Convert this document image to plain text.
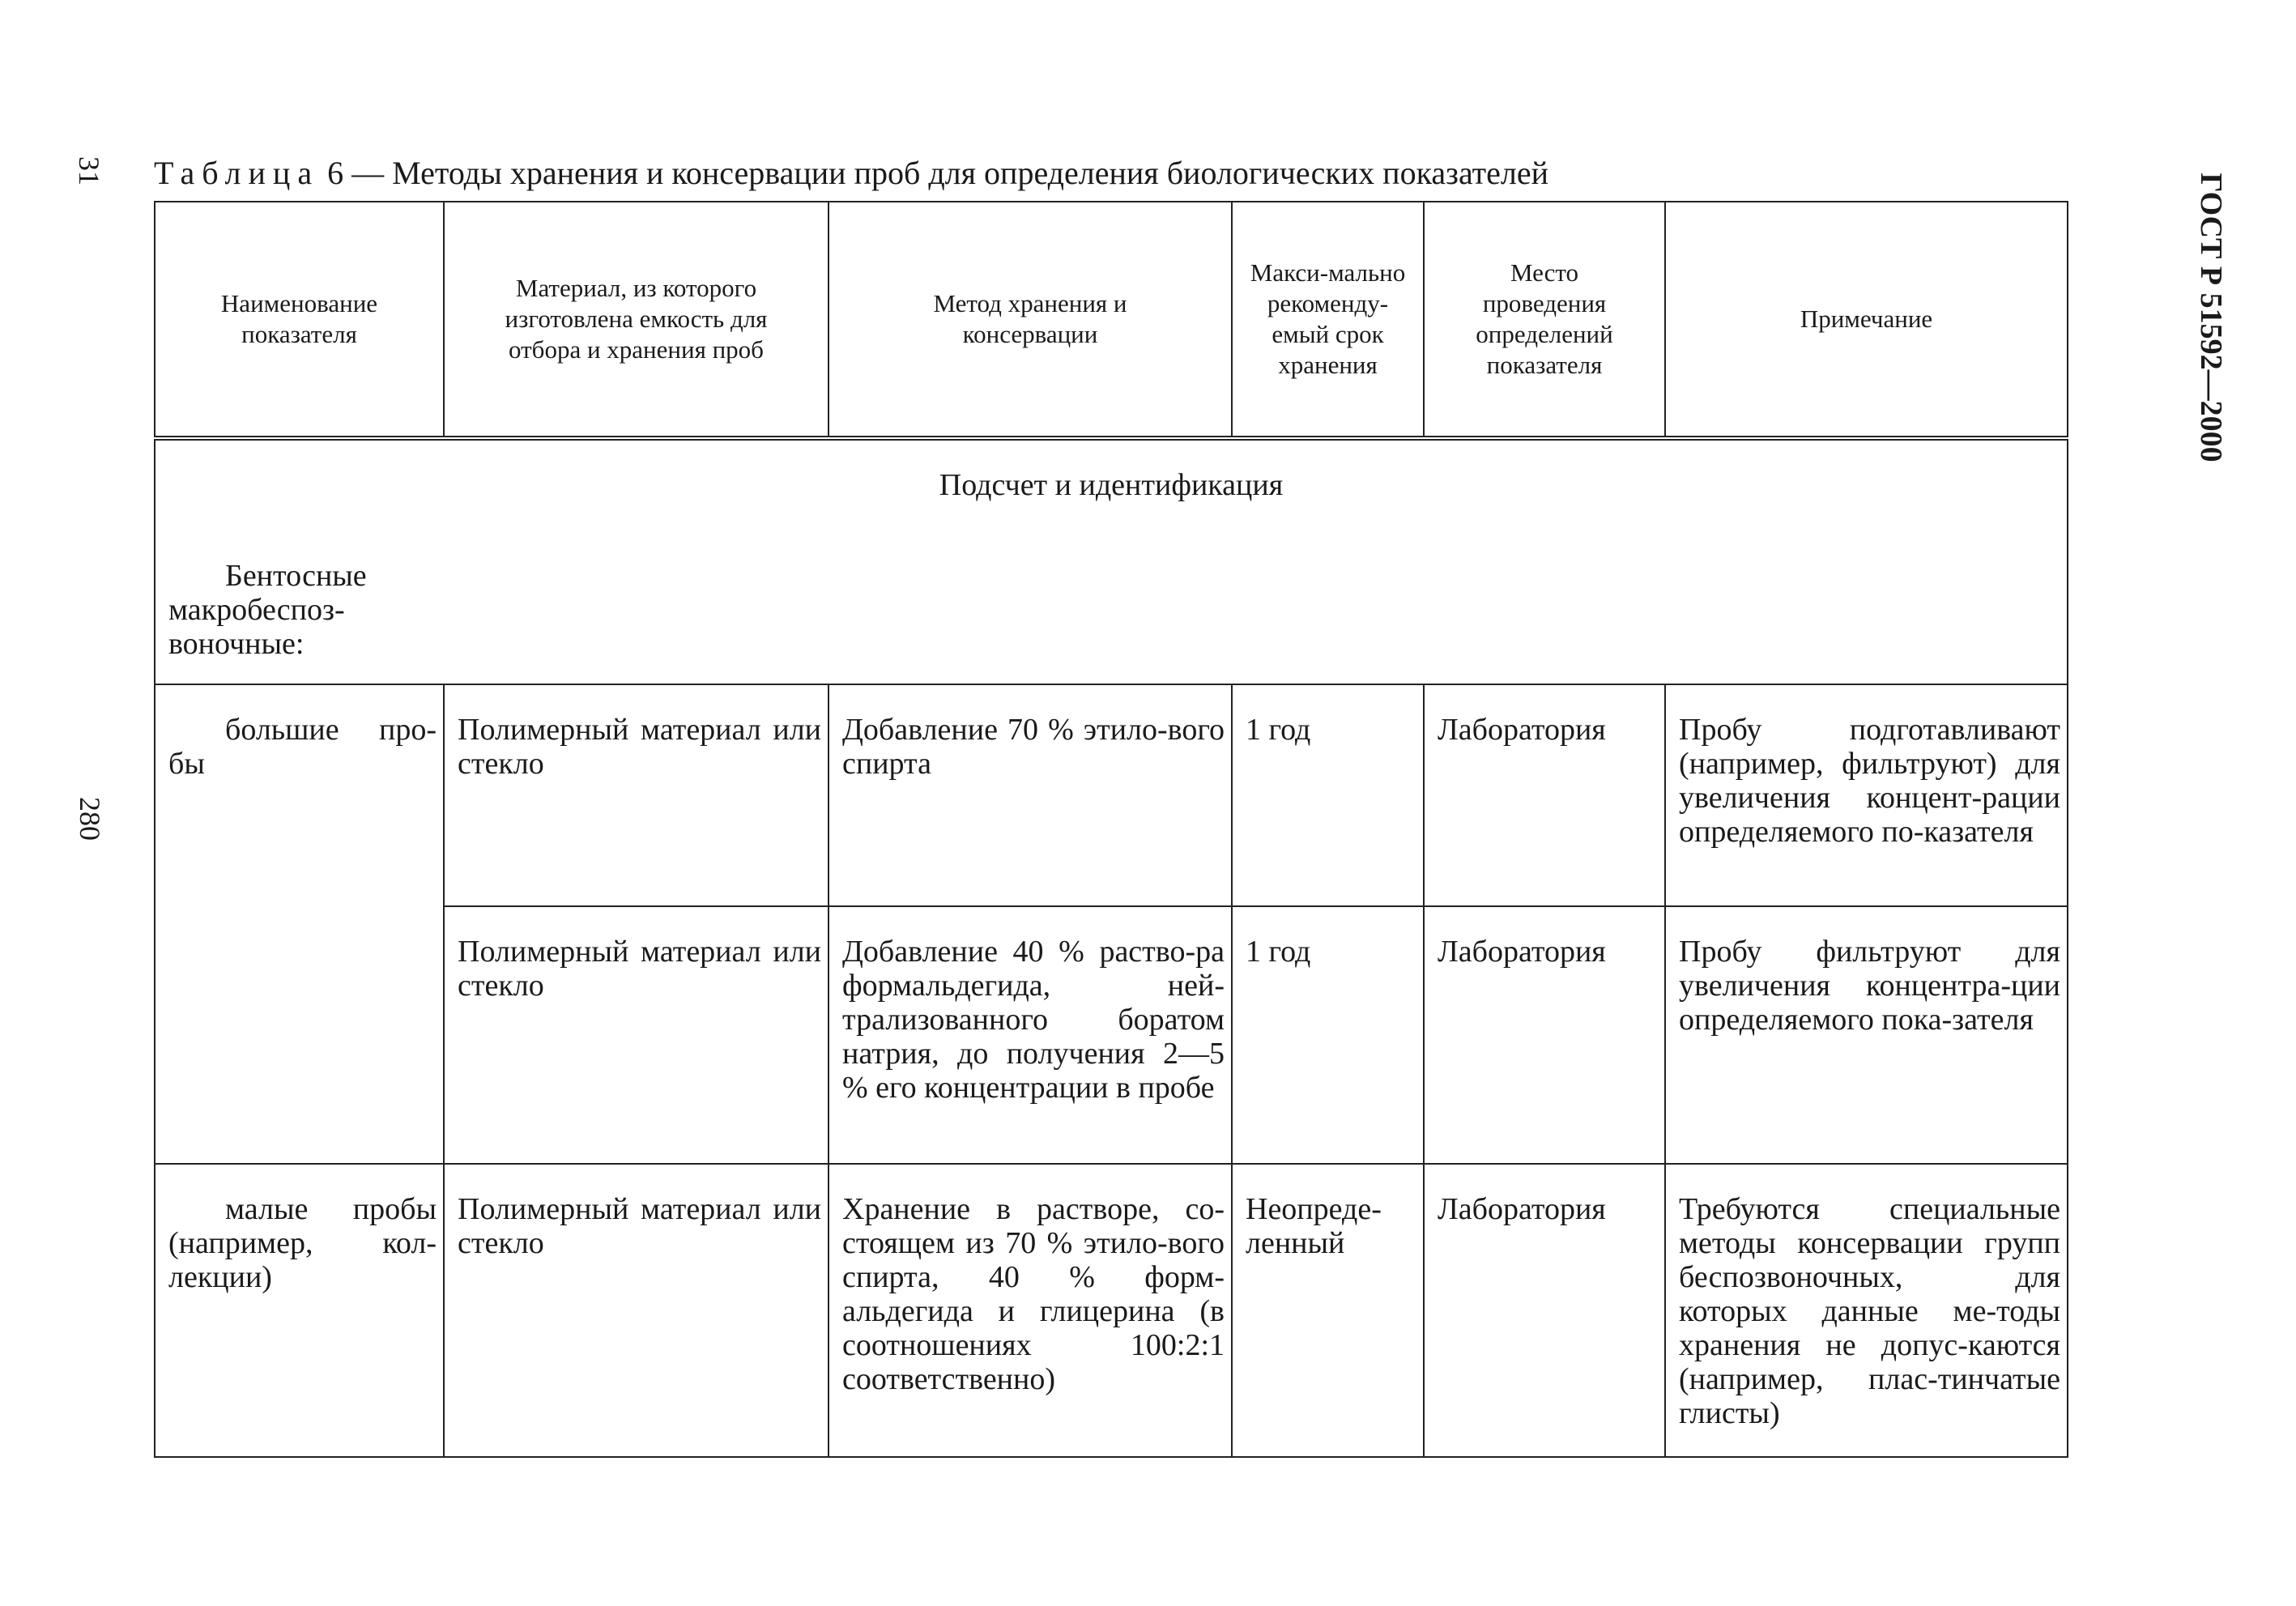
31
280
ГОСТ Р 51592—2000
Таблица 6 — Методы хранения и консервации проб для определения биологических показателей
Наименование показателя	Материал, из которого изготовлена емкость для отбора и хранения проб	Метод хранения и консервации	Макси-мально рекоменду-емый срок хранения	Место проведения определений показателя	Примечание

Подсчет и идентификация
Бентосные макробеспоз-воночные:					

большие про-бы	Полимерный материал или стекло	Добавление 70 % этило-вого спирта	1 год	Лаборатория	Пробу подготавливают (например, фильтруют) для увеличения концент-рации определяемого по-казателя

	Полимерный материал или стекло	Добавление 40 % раство-ра формальдегида, ней-трализованного боратом натрия, до получения 2—5 % его концентрации в пробе	1 год	Лаборатория	Пробу фильтруют для увеличения концентра-ции определяемого пока-зателя

малые пробы (например, кол-лекции)	Полимерный материал или стекло	Хранение в растворе, со-стоящем из 70 % этило-вого спирта, 40 % форм-альдегида и глицерина (в соотношениях 100:2:1 соответственно)	Неопреде-ленный	Лаборатория	Требуются специальные методы консервации групп беспозвоночных, для которых данные ме-тоды хранения не допус-каются (например, плас-тинчатые глисты)
